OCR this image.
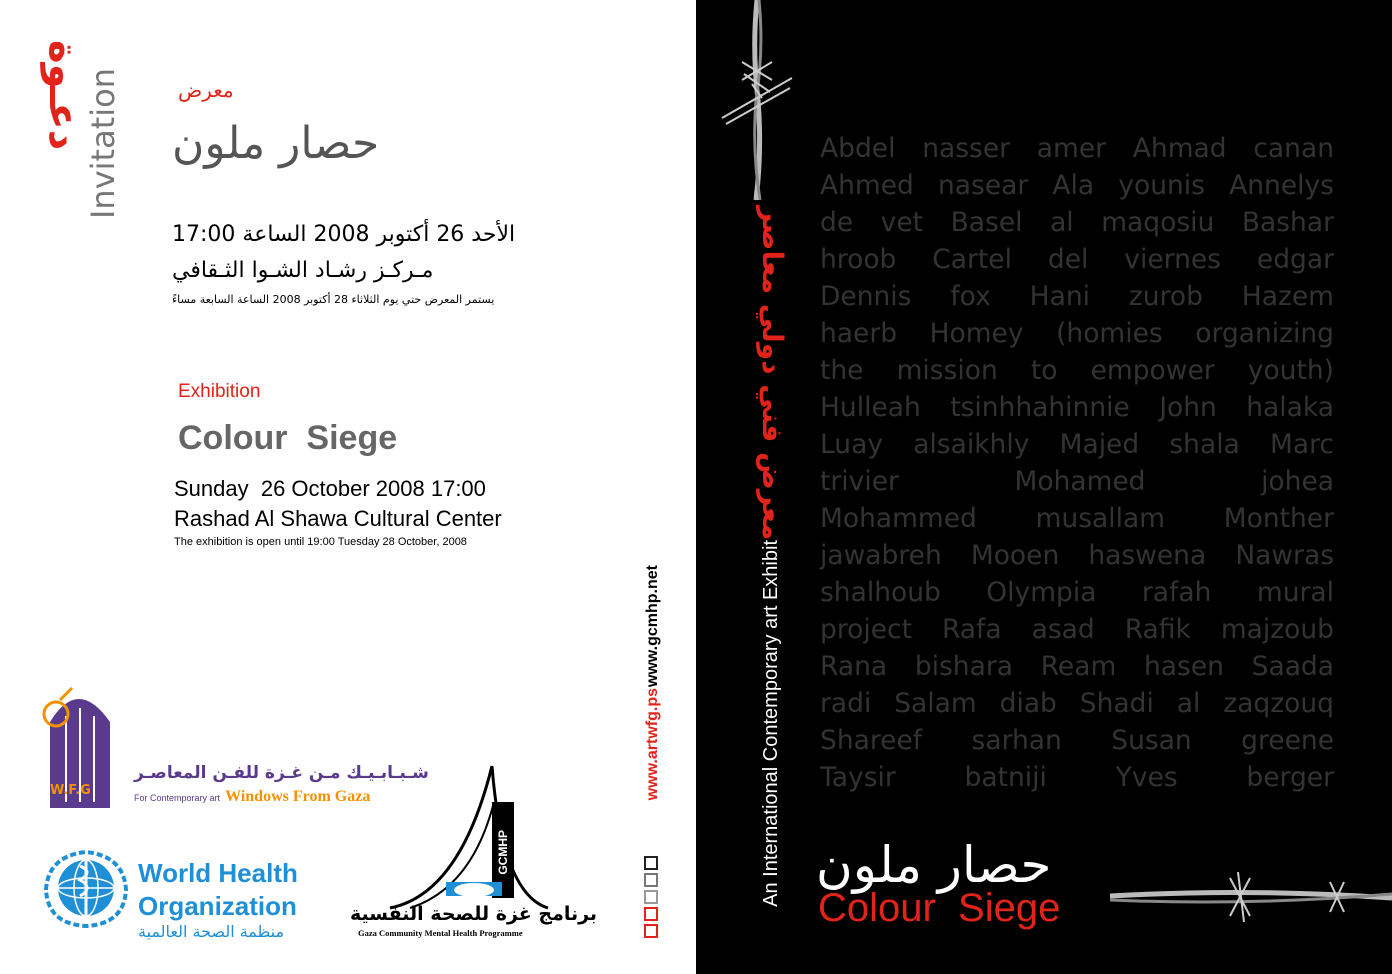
دعـوة
Invitation	معرض
حصار ملون
الأحد 26 أكتوبر 2008 الساعة 17:00
مـركـز رشـاد الشـوا الثـقافي
يستمر المعرض حتي يوم الثلاثاء 28 أكتوبر 2008 الساعة السابعة مساءً
Exhibition
Colour  Siege
Sunday  26 October 2008 17:00
Rashad Al Shawa Cultural Center
The exhibition is open until 19:00 Tuesday 28 October, 2008
W.F.G
شـبـابـيـك مـن غـزة للفـن المعاصـر
For Contemporary art Windows From Gaza
World Health
Organization
منظمة الصحة العالمية
GCMHP
برنامج غزة للصحة النفسية
Gaza Community Mental Health Programme
www.artwfg.ps
www.gcmhp.net
معرض فني دولي معاصر
An International Contemporary art Exhibit
Abdel nasser amer Ahmad canan
Ahmed nasear Ala younis Annelys
de vet Basel al maqosiu Bashar
hroob Cartel del viernes edgar
Dennis fox Hani zurob Hazem
haerb Homey (homies organizing
the mission to empower youth)
Hulleah tsinhhahinnie John halaka
Luay alsaikhly Majed shala Marc
trivier Mohamed johea
Mohammed musallam Monther
jawabreh Mooen haswena Nawras
shalhoub Olympia rafah mural
project Rafa asad Rafik majzoub
Rana bishara Ream hasen Saada
radi Salam diab Shadi al zaqzouq
Shareef sarhan Susan greene
Taysir batniji Yves berger
حصار ملون
Colour  Siege
